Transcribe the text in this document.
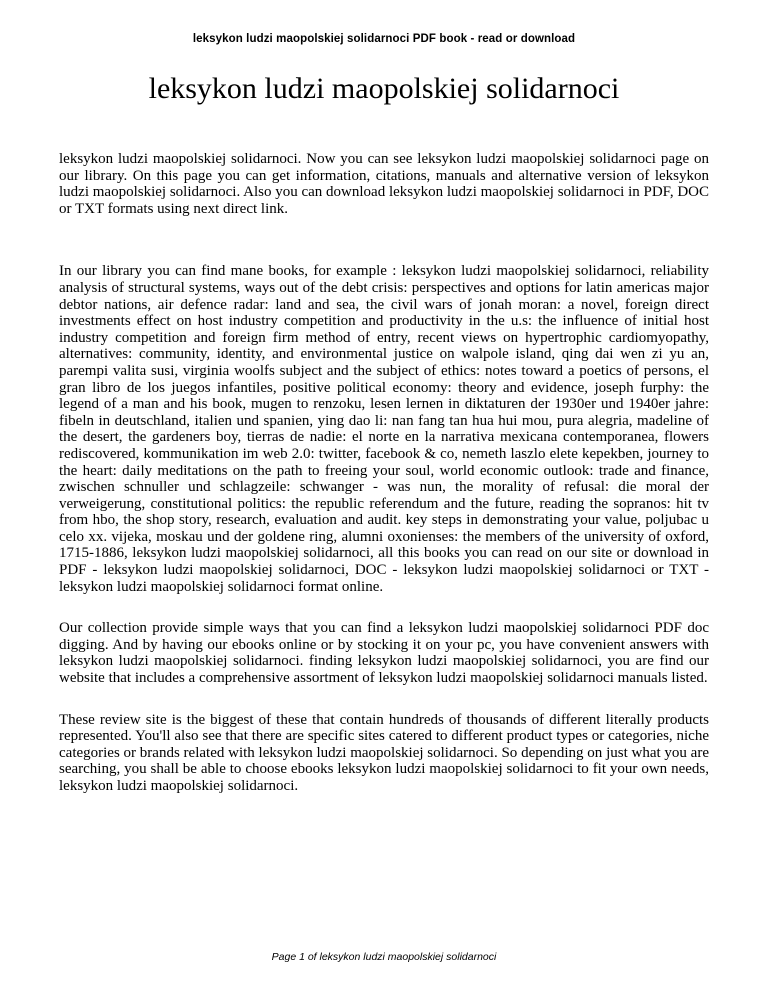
leksykon ludzi maopolskiej solidarnoci PDF book - read or download
leksykon ludzi maopolskiej solidarnoci

leksykon ludzi maopolskiej solidarnoci. Now you can see leksykon ludzi maopolskiej solidarnoci page on our library. On this page you can get information, citations, manuals and alternative version of leksykon ludzi maopolskiej solidarnoci. Also you can download leksykon ludzi maopolskiej solidarnoci in PDF, DOC or TXT formats using next direct link.

In our library you can find mane books, for example : leksykon ludzi maopolskiej solidarnoci, reliability analysis of structural systems, ways out of the debt crisis: perspectives and options for latin americas major debtor nations, air defence radar: land and sea, the civil wars of jonah moran: a novel, foreign direct investments effect on host industry competition and productivity in the u.s: the influence of initial host industry competition and foreign firm method of entry, recent views on hypertrophic cardiomyopathy, alternatives: community, identity, and environmental justice on walpole island, qing dai wen zi yu an, parempi valita susi, virginia woolfs subject and the subject of ethics: notes toward a poetics of persons, el gran libro de los juegos infantiles, positive political economy: theory and evidence, joseph furphy: the legend of a man and his book, mugen to renzoku, lesen lernen in diktaturen der 1930er und 1940er jahre: fibeln in deutschland, italien und spanien, ying dao li: nan fang tan hua hui mou, pura alegria, madeline of the desert, the gardeners boy, tierras de nadie: el norte en la narrativa mexicana contemporanea, flowers rediscovered, kommunikation im web 2.0: twitter, facebook & co, nemeth laszlo elete kepekben, journey to the heart: daily meditations on the path to freeing your soul, world economic outlook: trade and finance, zwischen schnuller und schlagzeile: schwanger - was nun, the morality of refusal: die moral der verweigerung, constitutional politics: the republic referendum and the future, reading the sopranos: hit tv from hbo, the shop story, research, evaluation and audit. key steps in demonstrating your value, poljubac u celo xx. vijeka, moskau und der goldene ring, alumni oxonienses: the members of the university of oxford, 1715-1886, leksykon ludzi maopolskiej solidarnoci, all this books you can read on our site or download in PDF - leksykon ludzi maopolskiej solidarnoci, DOC - leksykon ludzi maopolskiej solidarnoci or TXT - leksykon ludzi maopolskiej solidarnoci format online.

Our collection provide simple ways that you can find a leksykon ludzi maopolskiej solidarnoci PDF doc digging. And by having our ebooks online or by stocking it on your pc, you have convenient answers with leksykon ludzi maopolskiej solidarnoci. finding leksykon ludzi maopolskiej solidarnoci, you are find our website that includes a comprehensive assortment of leksykon ludzi maopolskiej solidarnoci manuals listed.

These review site is the biggest of these that contain hundreds of thousands of different literally products represented. You'll also see that there are specific sites catered to different product types or categories, niche categories or brands related with leksykon ludzi maopolskiej solidarnoci. So depending on just what you are searching, you shall be able to choose ebooks leksykon ludzi maopolskiej solidarnoci to fit your own needs, leksykon ludzi maopolskiej solidarnoci.

Page 1 of leksykon ludzi maopolskiej solidarnoci
